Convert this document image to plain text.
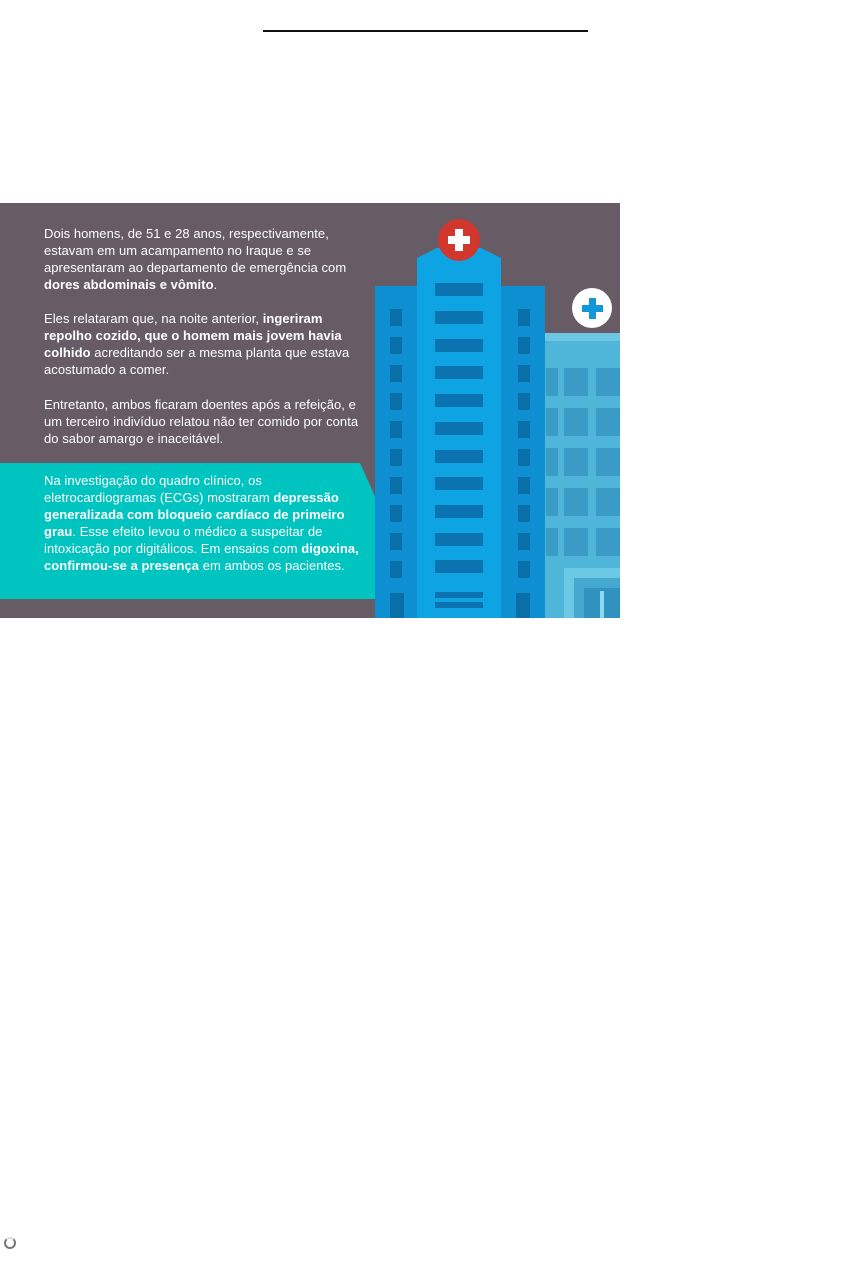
Dois homens, de 51 e 28 anos, respectivamente, estavam em um acampamento no Iraque e se apresentaram ao departamento de emergência com dores abdominais e vômito.
Eles relataram que, na noite anterior, ingeriram repolho cozido, que o homem mais jovem havia colhido acreditando ser a mesma planta que estava acostumado a comer.
Entretanto, ambos ficaram doentes após a refeição, e um terceiro indivíduo relatou não ter comido por conta do sabor amargo e inaceitável.
Na investigação do quadro clínico, os eletrocardiogramas (ECGs) mostraram depressão generalizada com bloqueio cardíaco de primeiro grau. Esse efeito levou o médico a suspeitar de intoxicação por digitálicos. Em ensaios com digoxina, confirmou-se a presença em ambos os pacientes.
